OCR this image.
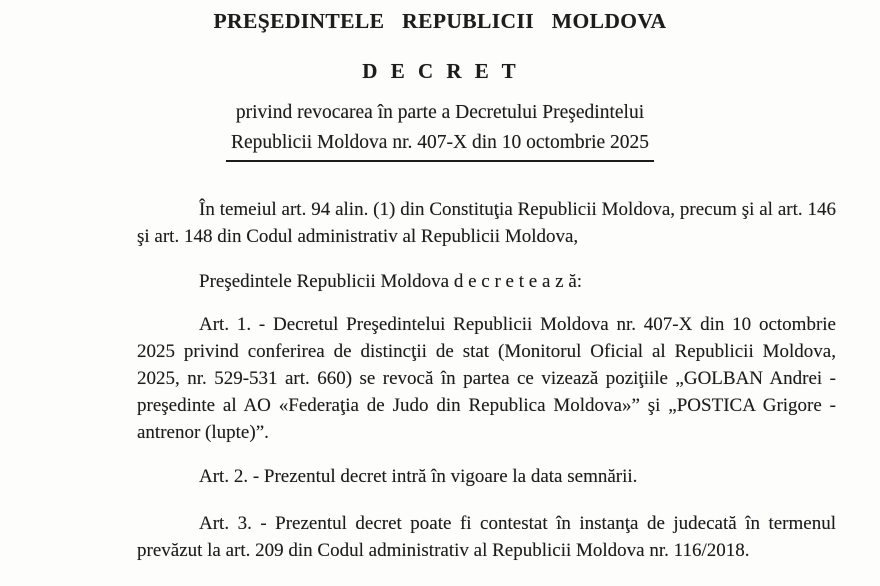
PREŞEDINTELE REPUBLICII MOLDOVA
D E C R E T
privind revocarea în parte a Decretului Preşedintelui
Republicii Moldova nr. 407-X din 10 octombrie 2025

În temeiul art. 94 alin. (1) din Constituţia Republicii Moldova, precum şi al art. 146 şi art. 148 din Codul administrativ al Republicii Moldova,

Preşedintele Republicii Moldova d e c r e t e a z ă:

Art. 1. - Decretul Preşedintelui Republicii Moldova nr. 407-X din 10 octombrie 2025 privind conferirea de distincţii de stat (Monitorul Oficial al Republicii Moldova, 2025, nr. 529-531 art. 660) se revocă în partea ce vizează poziţiile „GOLBAN Andrei - preşedinte al AO «Federaţia de Judo din Republica Moldova»” şi „POSTICA Grigore - antrenor (lupte)”.

Art. 2. - Prezentul decret intră în vigoare la data semnării.

Art. 3. - Prezentul decret poate fi contestat în instanţa de judecată în termenul prevăzut la art. 209 din Codul administrativ al Republicii Moldova nr. 116/2018.
